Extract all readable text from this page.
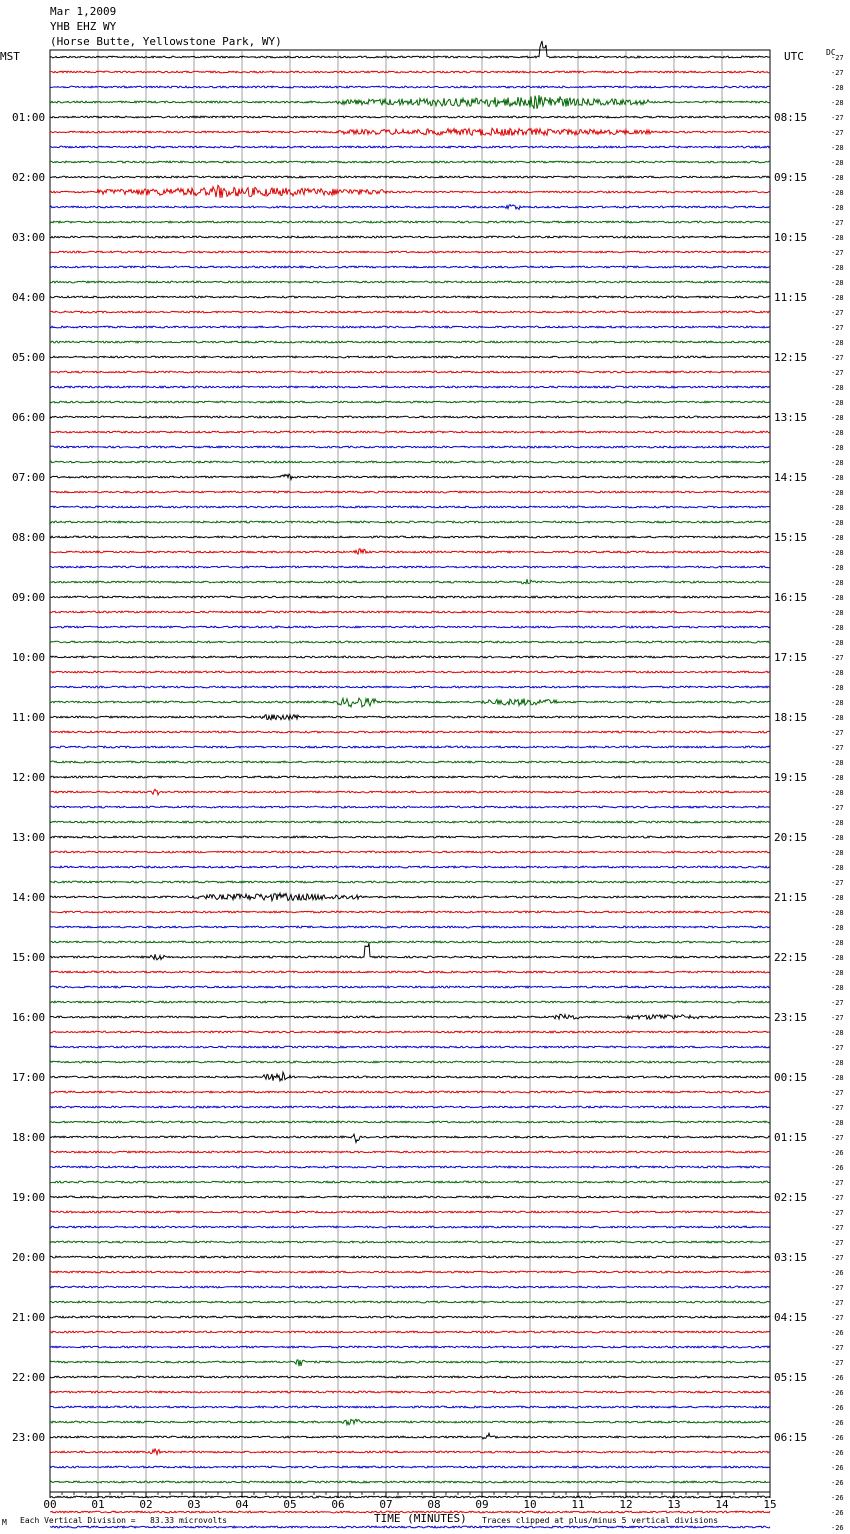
00	01	02	03	04	05	06	07	08	09	10	11	12	13	14	15
-27
-27
-28
-28
-27
-27
-28
-28
-28
-28
-28
-27
-28
-27
-28
-28
-28
-27
-27
-28
-27
-27
-28
-28
-28
-28
-28
-28
-28
-28
-28
-28
-28
-28
-28
-28
-28
-28
-28
-28
-27
-28
-28
-28
-28
-27
-27
-28
-28
-28
-27
-28
-28
-28
-28
-27
-28
-28
-28
-28
-28
-28
-28
-27
-27
-28
-27
-28
-28
-27
-27
-28
-27
-26
-26
-27
-27
-27
-27
-27
-27
-26
-27
-27
-27
-26
-27
-27
-26
-26
-26
-26
-26
-26
-26
-26
-26
-26
-26
01:00	08:15
02:00	09:15
03:00	10:15
04:00	11:15
05:00	12:15
06:00	13:15
07:00	14:15
08:00	15:15
09:00	16:15
10:00	17:15
11:00	18:15
12:00	19:15
13:00	20:15
14:00	21:15
15:00	22:15
16:00	23:15
17:00	00:15
18:00	01:15
19:00	02:15
20:00	03:15
21:00	04:15
22:00	05:15
23:00	06:15
Mar 1,2009
YHB EHZ WY
(Horse Butte, Yellowstone Park, WY)
MST	UTC	DC
TIME (MINUTES)
M Each Vertical Division =   83.33 microvolts	Traces clipped at plus/minus 5 vertical divisions
